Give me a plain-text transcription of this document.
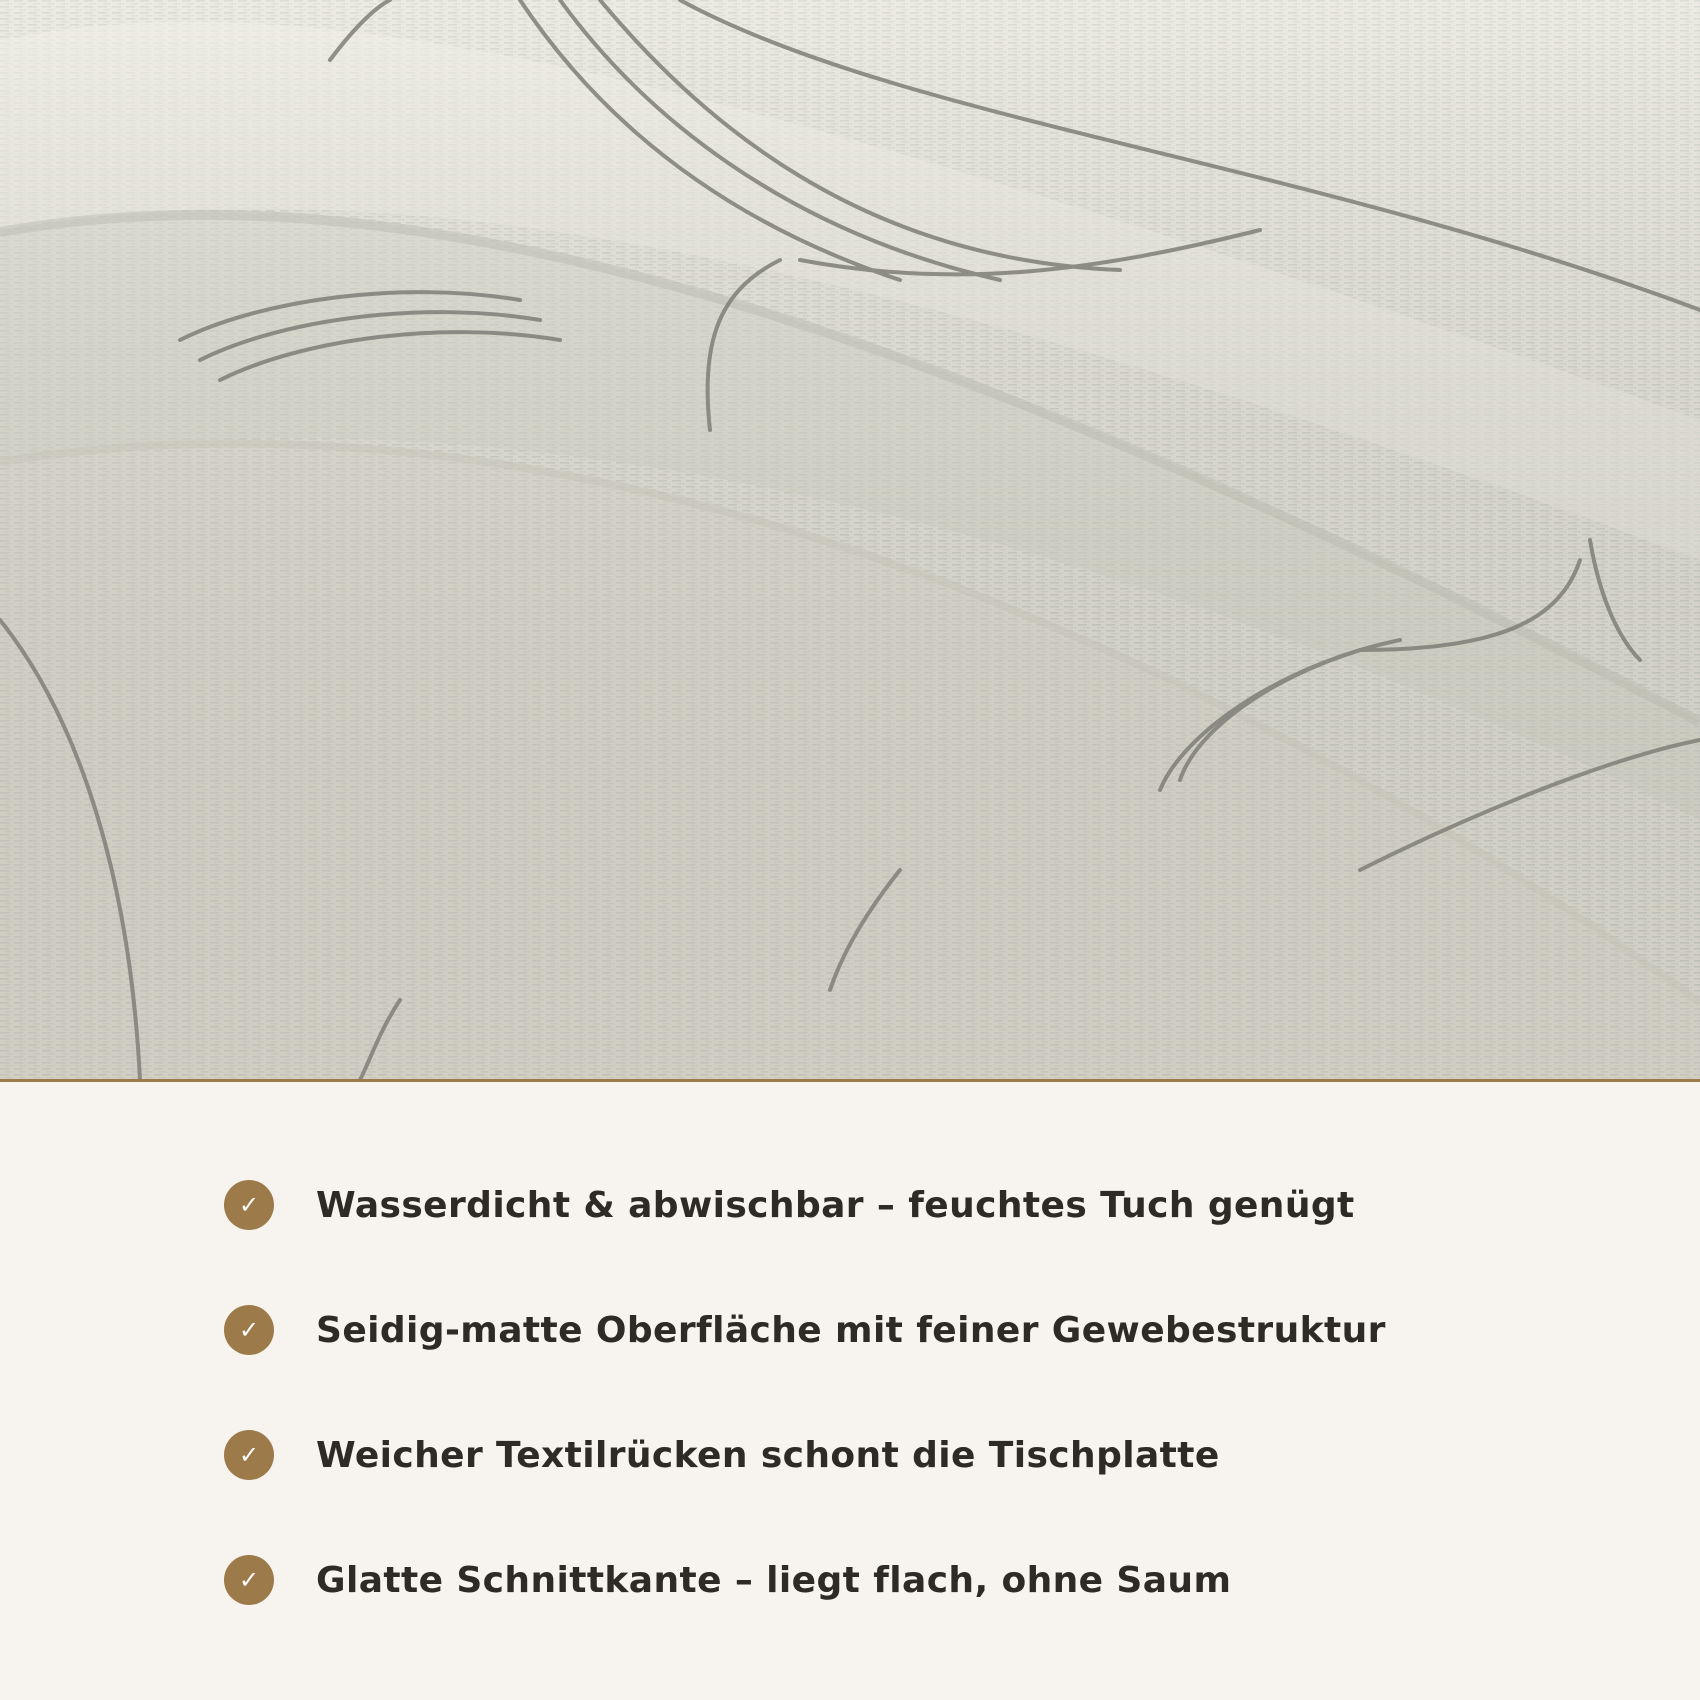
✓	Wasserdicht & abwischbar – feuchtes Tuch genügt
✓	Seidig-matte Oberfläche mit feiner Gewebestruktur
✓	Weicher Textilrücken schont die Tischplatte
✓	Glatte Schnittkante – liegt flach, ohne Saum
